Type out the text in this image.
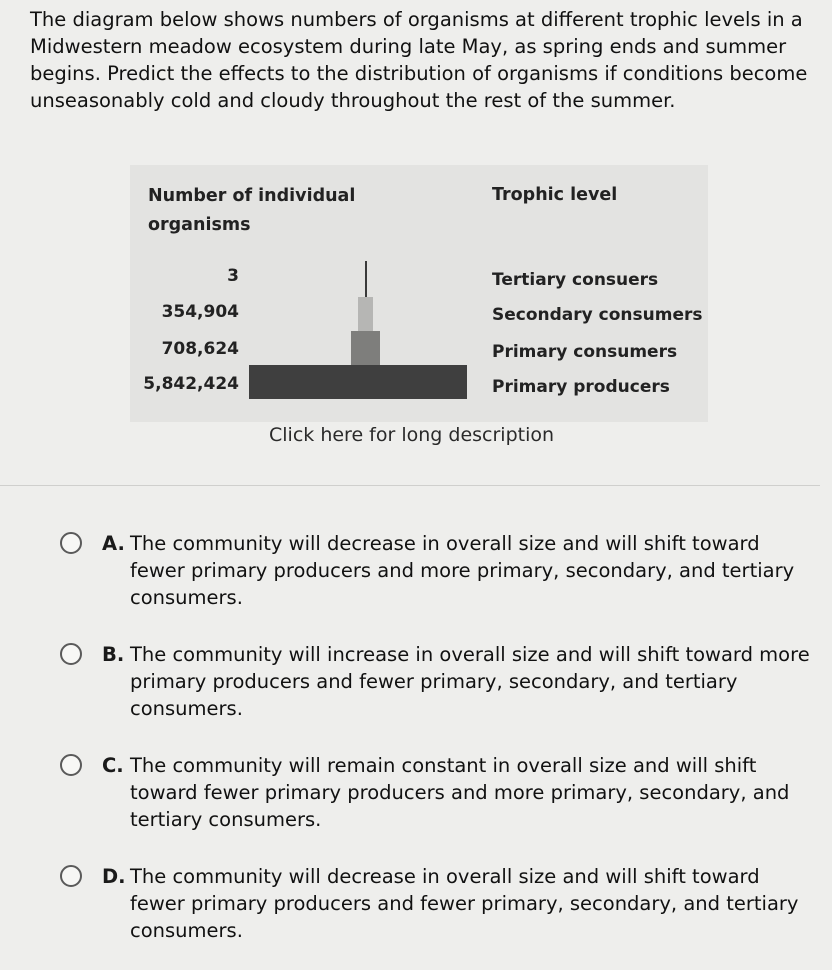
The diagram below shows numbers of organisms at different trophic levels in a Midwestern meadow ecosystem during late May, as spring ends and summer begins. Predict the effects to the distribution of organisms if conditions become unseasonably cold and cloudy throughout the rest of the summer.
Number of individual organisms
Trophic level
3
354,904
708,624
5,842,424
Tertiary consuers
Secondary consumers
Primary consumers
Primary producers
Click here for long description
A. The community will decrease in overall size and will shift toward fewer primary producers and more primary, secondary, and tertiary consumers.
B. The community will increase in overall size and will shift toward more primary producers and fewer primary, secondary, and tertiary consumers.
C. The community will remain constant in overall size and will shift toward fewer primary producers and more primary, secondary, and tertiary consumers.
D. The community will decrease in overall size and will shift toward fewer primary producers and fewer primary, secondary, and tertiary consumers.
